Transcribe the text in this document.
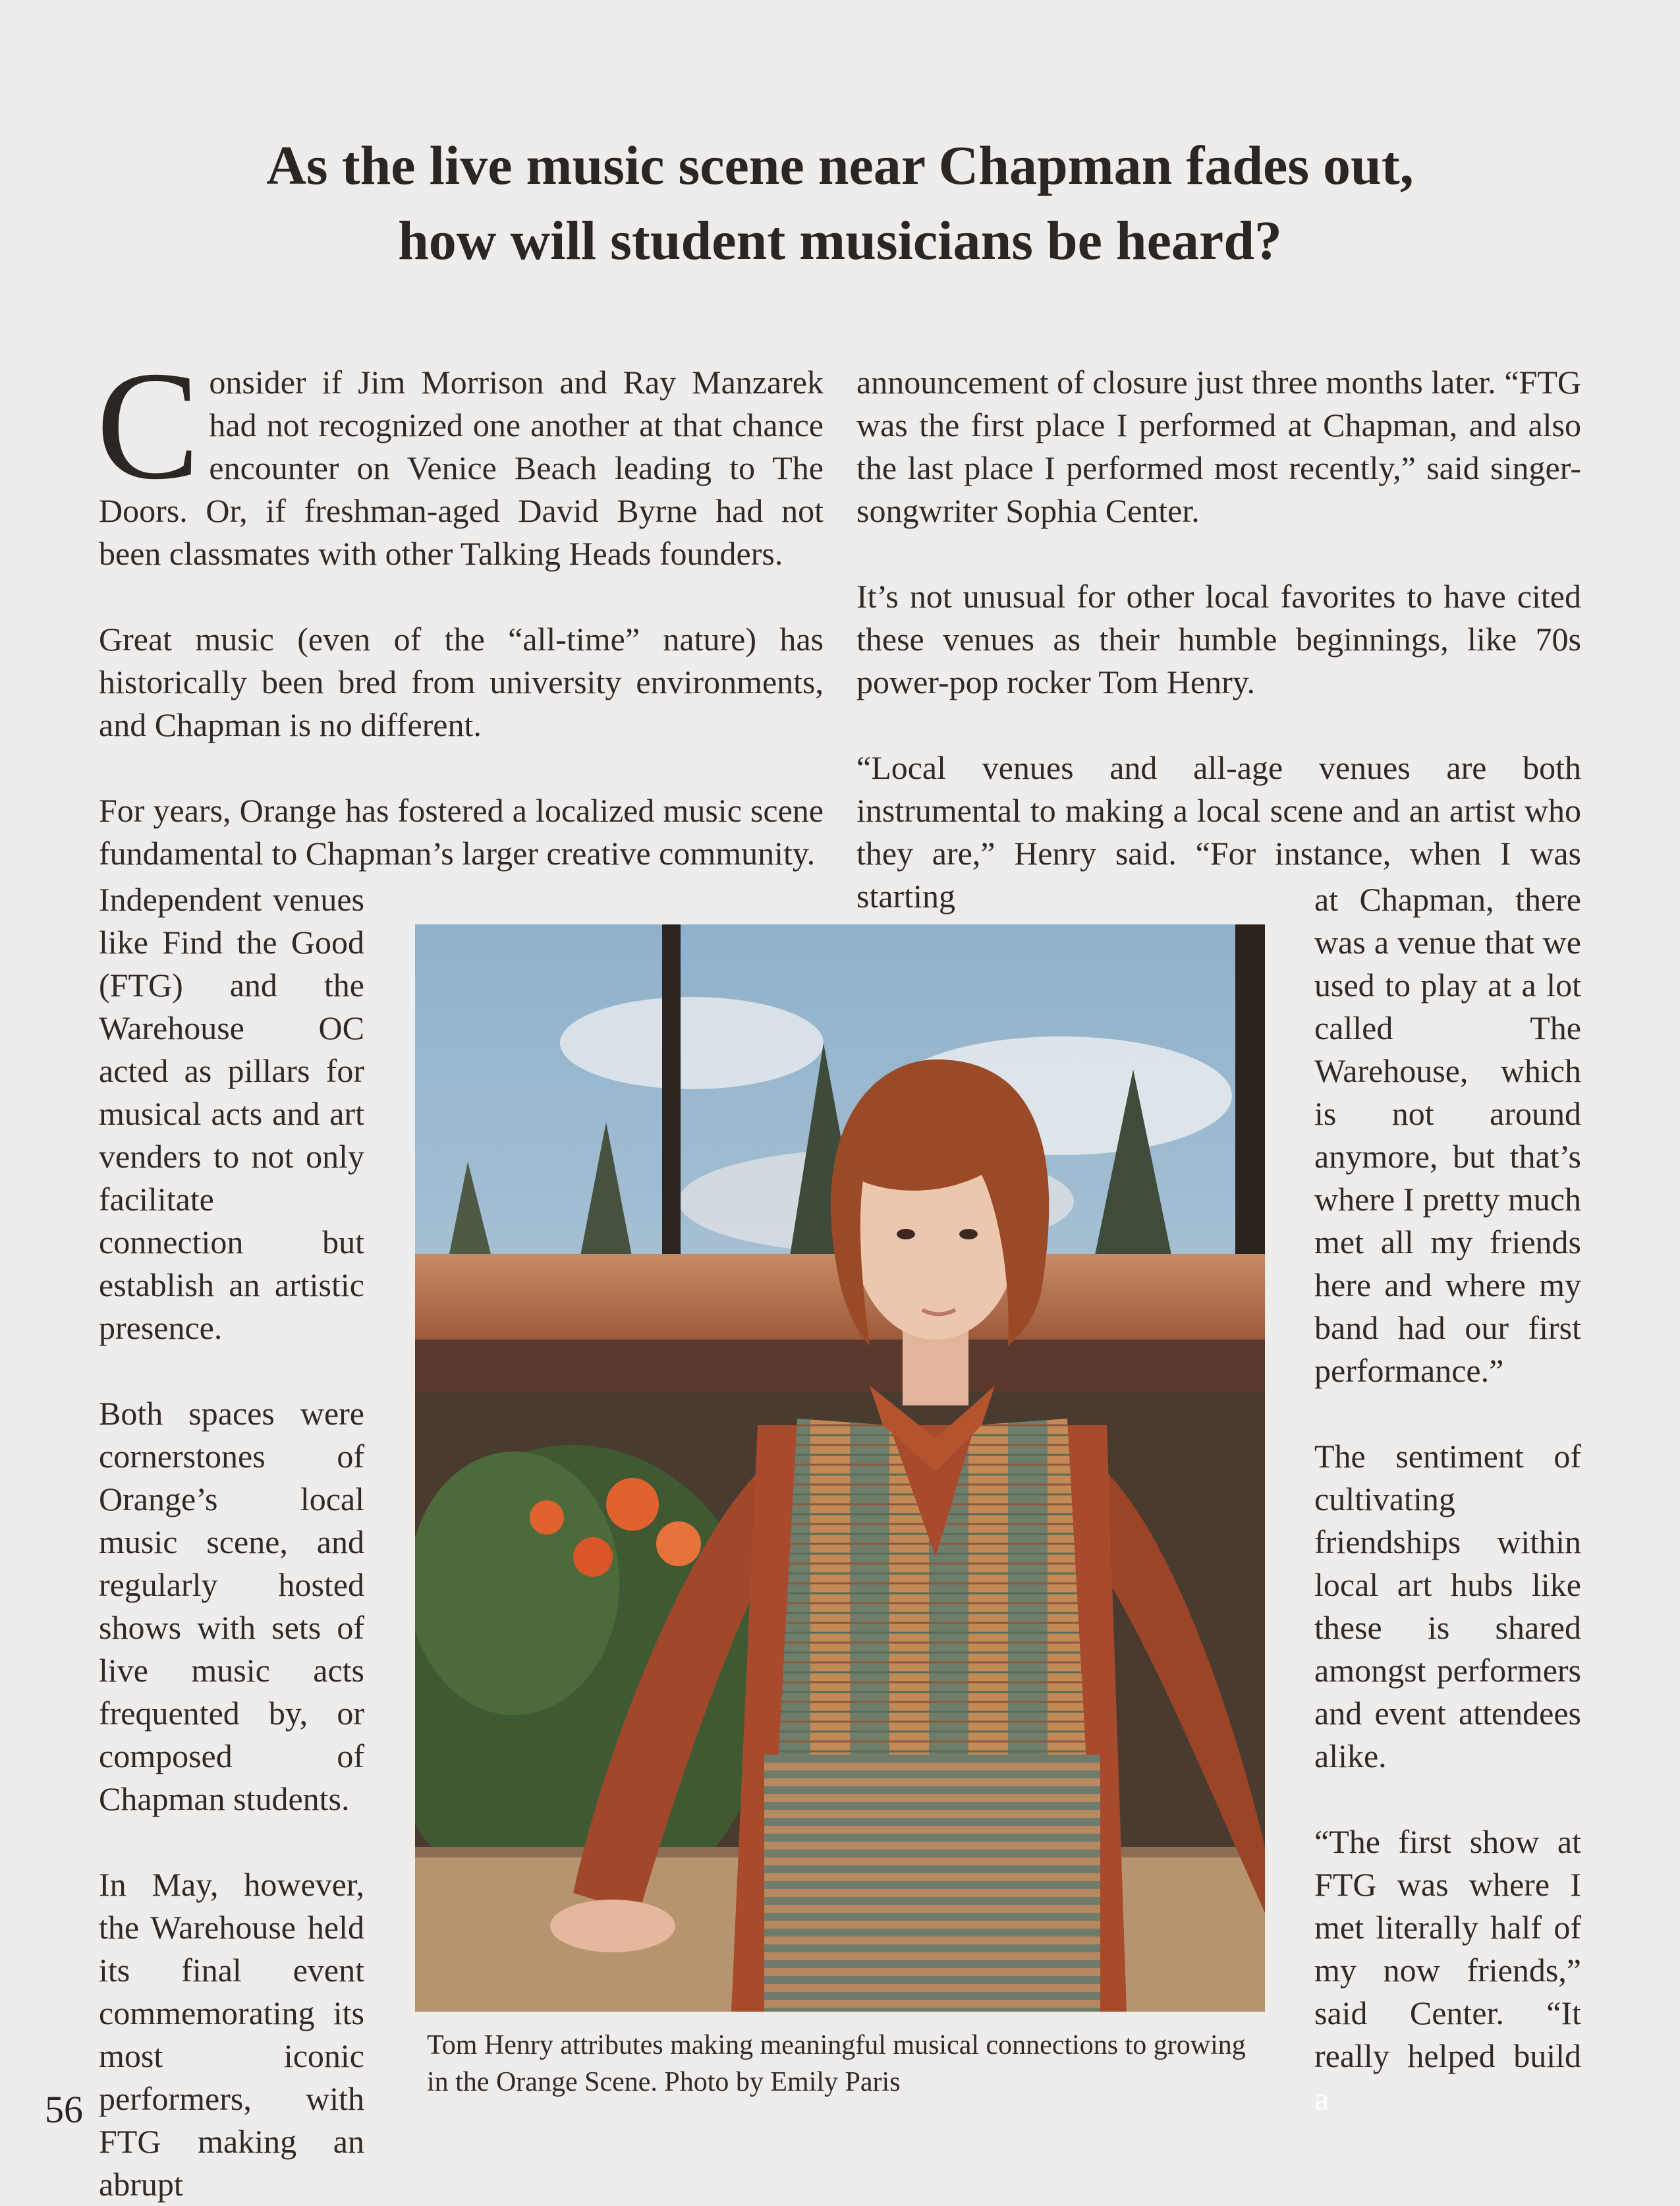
As the live music scene near Chapman fades out,
how will student musicians be heard?

Consider if Jim Morrison and Ray Manzarek had not recognized one another at that chance encounter on Venice Beach leading to The Doors. Or, if freshman-aged David Byrne had not been classmates with other Talking Heads founders.

Great music (even of the “all-time” nature) has historically been bred from university environments, and Chapman is no different.

For years, Orange has fostered a localized music scene fundamental to Chapman’s larger creative community.

announcement of closure just three months later. “FTG was the first place I performed at Chapman, and also the last place I performed most recently,” said singer-songwriter Sophia Center.

It’s not unusual for other local favorites to have cited these venues as their humble beginnings, like 70s power-pop rocker Tom Henry.

“Local venues and all-age venues are both instrumental to making a local scene and an artist who they are,” Henry said. “For instance, when I was starting

Independent venues like Find the Good (FTG) and the Warehouse OC acted as pillars for musical acts and art venders to not only facilitate connection but establish an artistic presence.

Both spaces were cornerstones of Orange’s local music scene, and regularly hosted shows with sets of live music acts frequented by, or composed of Chapman students.

In May, however, the Warehouse held its final event commemorating its most iconic performers, with FTG making an abrupt

at Chapman, there was a venue that we used to play at a lot called The Warehouse, which is not around anymore, but that’s where I pretty much met all my friends here and where my band had our first performance.”

The sentiment of cultivating friendships within local art hubs like these is shared amongst performers and event attendees alike.

“The first show at FTG was where I met literally half of my now friends,” said Center. “It really helped build a

Tom Henry attributes making meaningful musical connections to growing in the Orange Scene. Photo by Emily Paris

56
